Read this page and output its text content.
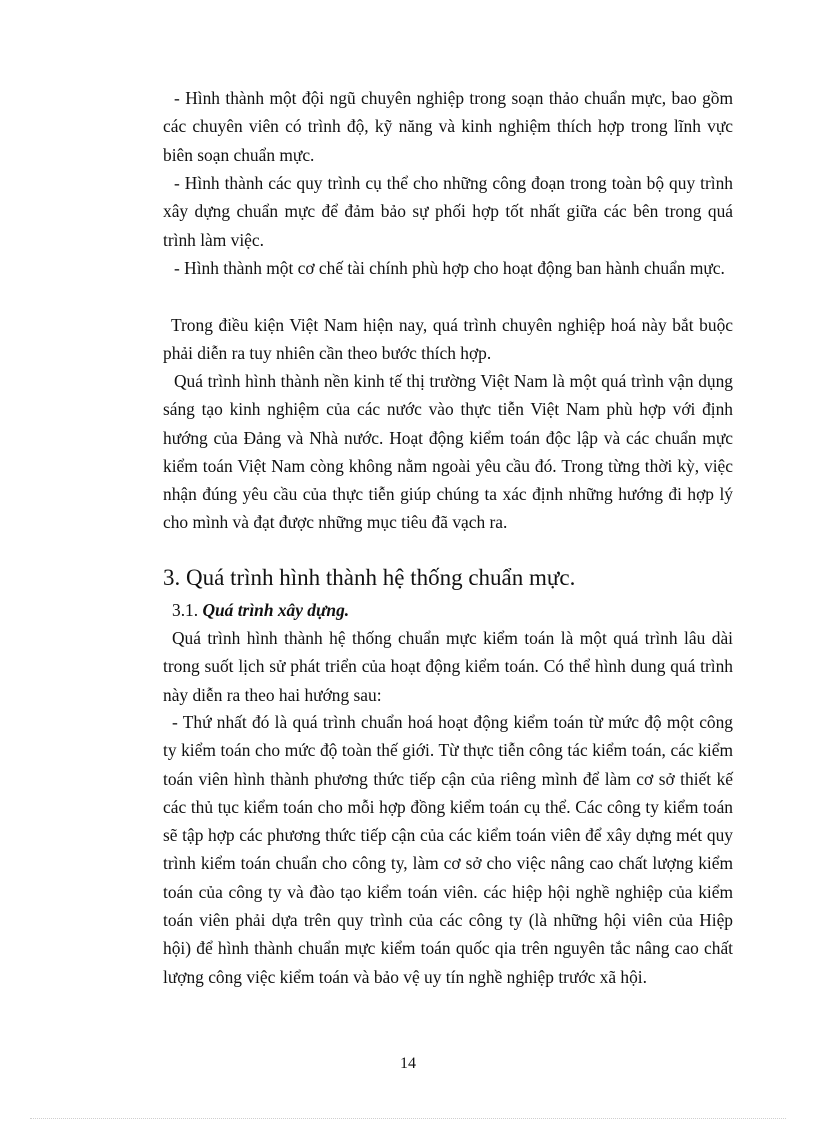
- Hình thành một đội ngũ chuyên nghiệp trong soạn thảo chuẩn mực, bao gồm các chuyên viên có trình độ, kỹ năng và kinh nghiệm thích hợp trong lĩnh vực biên soạn chuẩn mực.

- Hình thành các quy trình cụ thể cho những công đoạn trong toàn bộ quy trình xây dựng chuẩn mực để đảm bảo sự phối hợp tốt nhất giữa các bên trong quá trình làm việc.

- Hình thành một cơ chế tài chính phù hợp cho hoạt động ban hành chuẩn mực.

Trong điều kiện Việt Nam hiện nay, quá trình chuyên nghiệp hoá này bắt buộc phải diễn ra tuy nhiên cần theo bước thích hợp.

Quá trình hình thành nền kinh tế thị trường Việt Nam là một quá trình vận dụng sáng tạo kinh nghiệm của các nước vào thực tiễn Việt Nam phù hợp với định hướng của Đảng và Nhà nước. Hoạt động kiểm toán độc lập và các chuẩn mực kiểm toán Việt Nam còng không nằm ngoài yêu cầu đó. Trong từng thời kỳ, việc nhận đúng yêu cầu của thực tiễn giúp chúng ta xác định những hướng đi hợp lý cho mình và đạt được những mục tiêu đã vạch ra.

3. Quá trình hình thành hệ thống chuẩn mực.
3.1. Quá trình xây dựng.

Quá trình hình thành hệ thống chuẩn mực kiểm toán là một quá trình lâu dài trong suốt lịch sử phát triển của hoạt động kiểm toán. Có thể hình dung quá trình này diễn ra theo hai hướng sau:

- Thứ nhất đó là quá trình chuẩn hoá hoạt động kiểm toán từ mức độ một công ty kiểm toán cho mức độ toàn thế giới. Từ thực tiễn công tác kiểm toán, các kiểm toán viên hình thành phương thức tiếp cận của riêng mình để làm cơ sở thiết kế các thủ tục kiểm toán cho mỗi hợp đồng kiểm toán cụ thể. Các công ty kiểm toán sẽ tập hợp các phương thức tiếp cận của các kiểm toán viên để xây dựng mét quy trình kiểm toán chuẩn cho công ty, làm cơ sở cho việc nâng cao chất lượng kiểm toán của công ty và đào tạo kiểm toán viên. các hiệp hội nghề nghiệp của kiểm toán viên phải dựa trên quy trình của các công ty (là những hội viên của Hiệp hội) để hình thành chuẩn mực kiểm toán quốc qia trên nguyên tắc nâng cao chất lượng công việc kiểm toán và bảo vệ uy tín nghề nghiệp trước xã hội.

14
